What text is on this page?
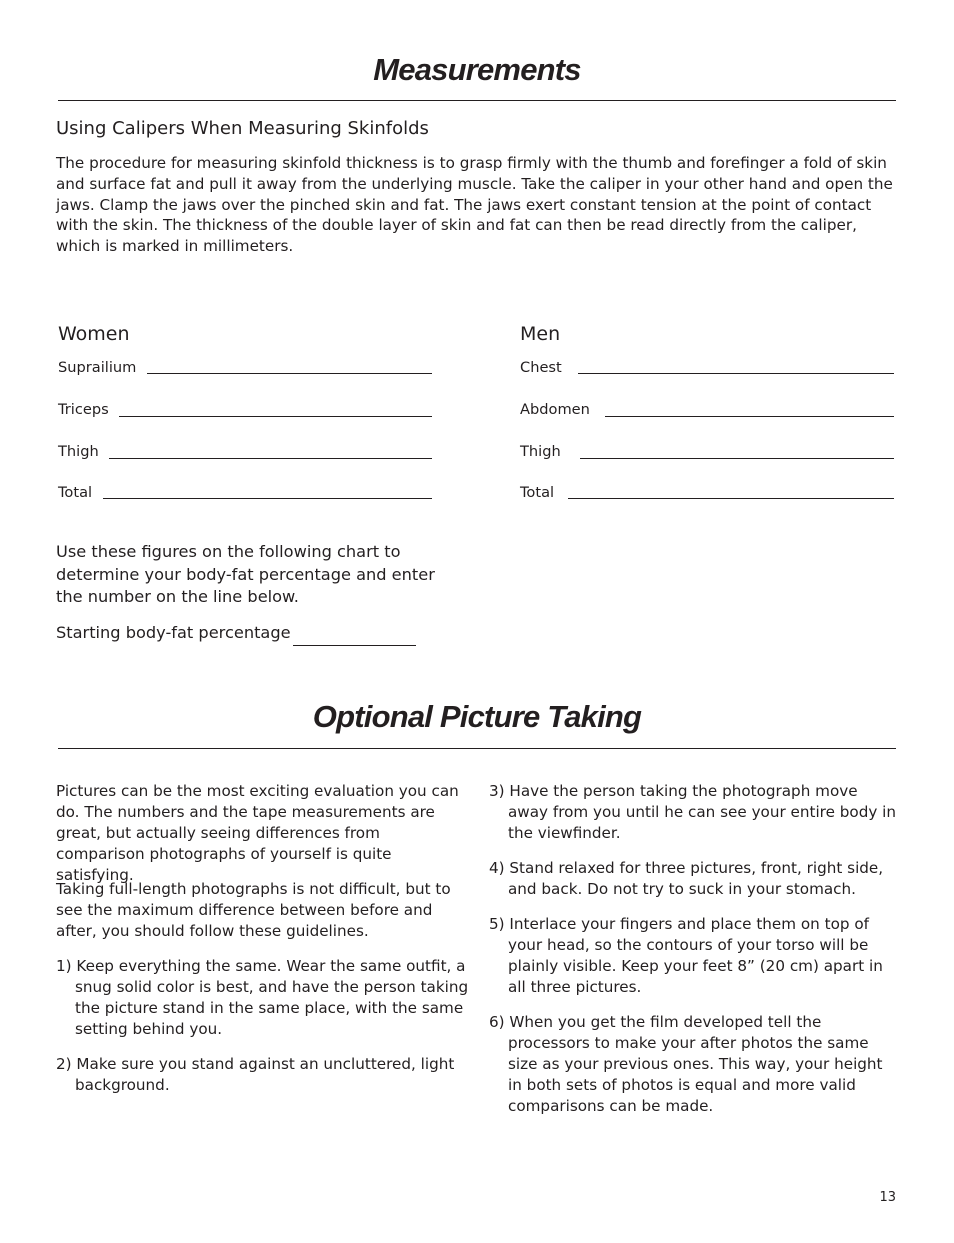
Measurements
Using Calipers When Measuring Skinfolds
The procedure for measuring skinfold thickness is to grasp firmly with the thumb and forefinger a fold of skin and surface fat and pull it away from the underlying muscle. Take the caliper in your other hand and open the jaws. Clamp the jaws over the pinched skin and fat. The jaws exert constant tension at the point of contact with the skin. The thickness of the double layer of skin and fat can then be read directly from the caliper, which is marked in millimeters.
Women
Suprailium
Triceps
Thigh
Total
Men
Chest
Abdomen
Thigh
Total
Use these figures on the following chart to determine your body-fat percentage and enter the number on the line below.
Starting body-fat percentage
Optional Picture Taking
Pictures can be the most exciting evaluation you can do. The numbers and the tape measurements are great, but actually seeing differences from comparison photographs of yourself is quite satisfying.
Taking full-length photographs is not difficult, but to see the maximum difference between before and after, you should follow these guidelines.
1) Keep everything the same. Wear the same outfit, a snug solid color is best, and have the person taking the picture stand in the same place, with the same setting behind you.
2) Make sure you stand against an uncluttered, light background.
3) Have the person taking the photograph move away from you until he can see your entire body in the viewfinder.
4) Stand relaxed for three pictures, front, right side, and back. Do not try to suck in your stomach.
5) Interlace your fingers and place them on top of your head, so the contours of your torso will be plainly visible. Keep your feet 8” (20 cm) apart in all three pictures.
6) When you get the film developed tell the processors to make your after photos the same size as your previous ones. This way, your height in both sets of photos is equal and more valid comparisons can be made.
13
